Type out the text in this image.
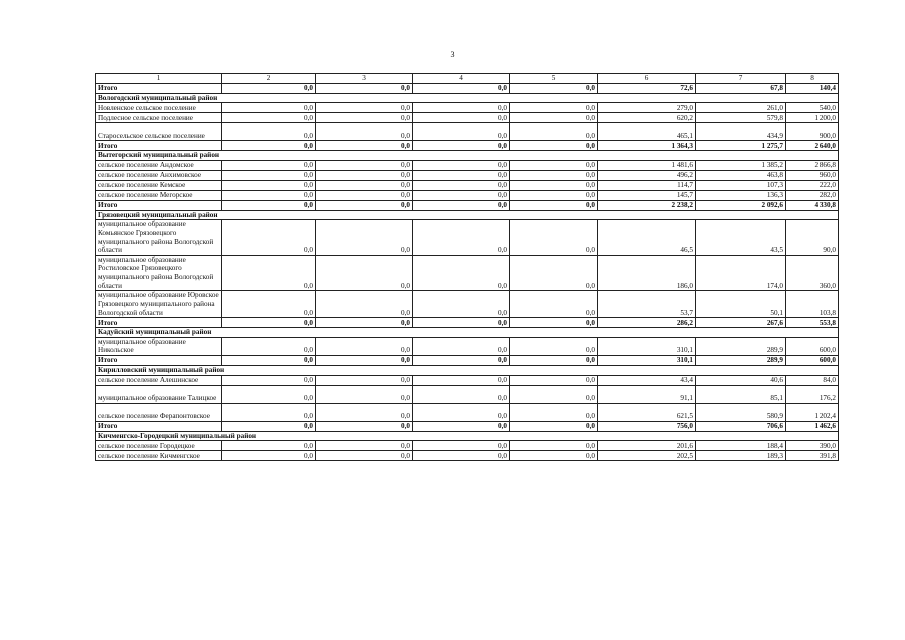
3
1	2	3	4	5	6	7	8
Итого	0,0	0,0	0,0	0,0	72,6	67,8	140,4
Вологодский муниципальный район							
Новленское сельское поселение	0,0	0,0	0,0	0,0	279,0	261,0	540,0
Подлесное сельское поселение	0,0	0,0	0,0	0,0	620,2	579,8	1 200,0
Старосельское сельское поселение	0,0	0,0	0,0	0,0	465,1	434,9	900,0
Итого	0,0	0,0	0,0	0,0	1 364,3	1 275,7	2 640,0
Вытегорский муниципальный район							
сельское поселение Андомское	0,0	0,0	0,0	0,0	1 481,6	1 385,2	2 866,8
сельское поселение Анхимовское	0,0	0,0	0,0	0,0	496,2	463,8	960,0
сельское поселение Кемское	0,0	0,0	0,0	0,0	114,7	107,3	222,0
сельское поселение Мегорское	0,0	0,0	0,0	0,0	145,7	136,3	282,0
Итого	0,0	0,0	0,0	0,0	2 238,2	2 092,6	4 330,8
Грязовецкий муниципальный район							
муниципальное образование Комьянское Грязовецкого муниципального района Вологодской области	0,0	0,0	0,0	0,0	46,5	43,5	90,0
муниципальное образование Ростиловское Грязовецкого муниципального района Вологодской области	0,0	0,0	0,0	0,0	186,0	174,0	360,0
муниципальное образование Юровское Грязовецкого муниципального района Вологодской области	0,0	0,0	0,0	0,0	53,7	50,1	103,8
Итого	0,0	0,0	0,0	0,0	286,2	267,6	553,8
Кадуйский муниципальный район							
муниципальное образование Никольское	0,0	0,0	0,0	0,0	310,1	289,9	600,0
Итого	0,0	0,0	0,0	0,0	310,1	289,9	600,0
Кирилловский муниципальный район							
сельское поселение Алешинское	0,0	0,0	0,0	0,0	43,4	40,6	84,0
муниципальное образование Талицкое	0,0	0,0	0,0	0,0	91,1	85,1	176,2
сельское поселение Ферапонтовское	0,0	0,0	0,0	0,0	621,5	580,9	1 202,4
Итого	0,0	0,0	0,0	0,0	756,0	706,6	1 462,6
Кичменгско-Городецкий муниципальный район							
сельское поселение Городецкое	0,0	0,0	0,0	0,0	201,6	188,4	390,0
сельское поселение Кичменгское	0,0	0,0	0,0	0,0	202,5	189,3	391,8
